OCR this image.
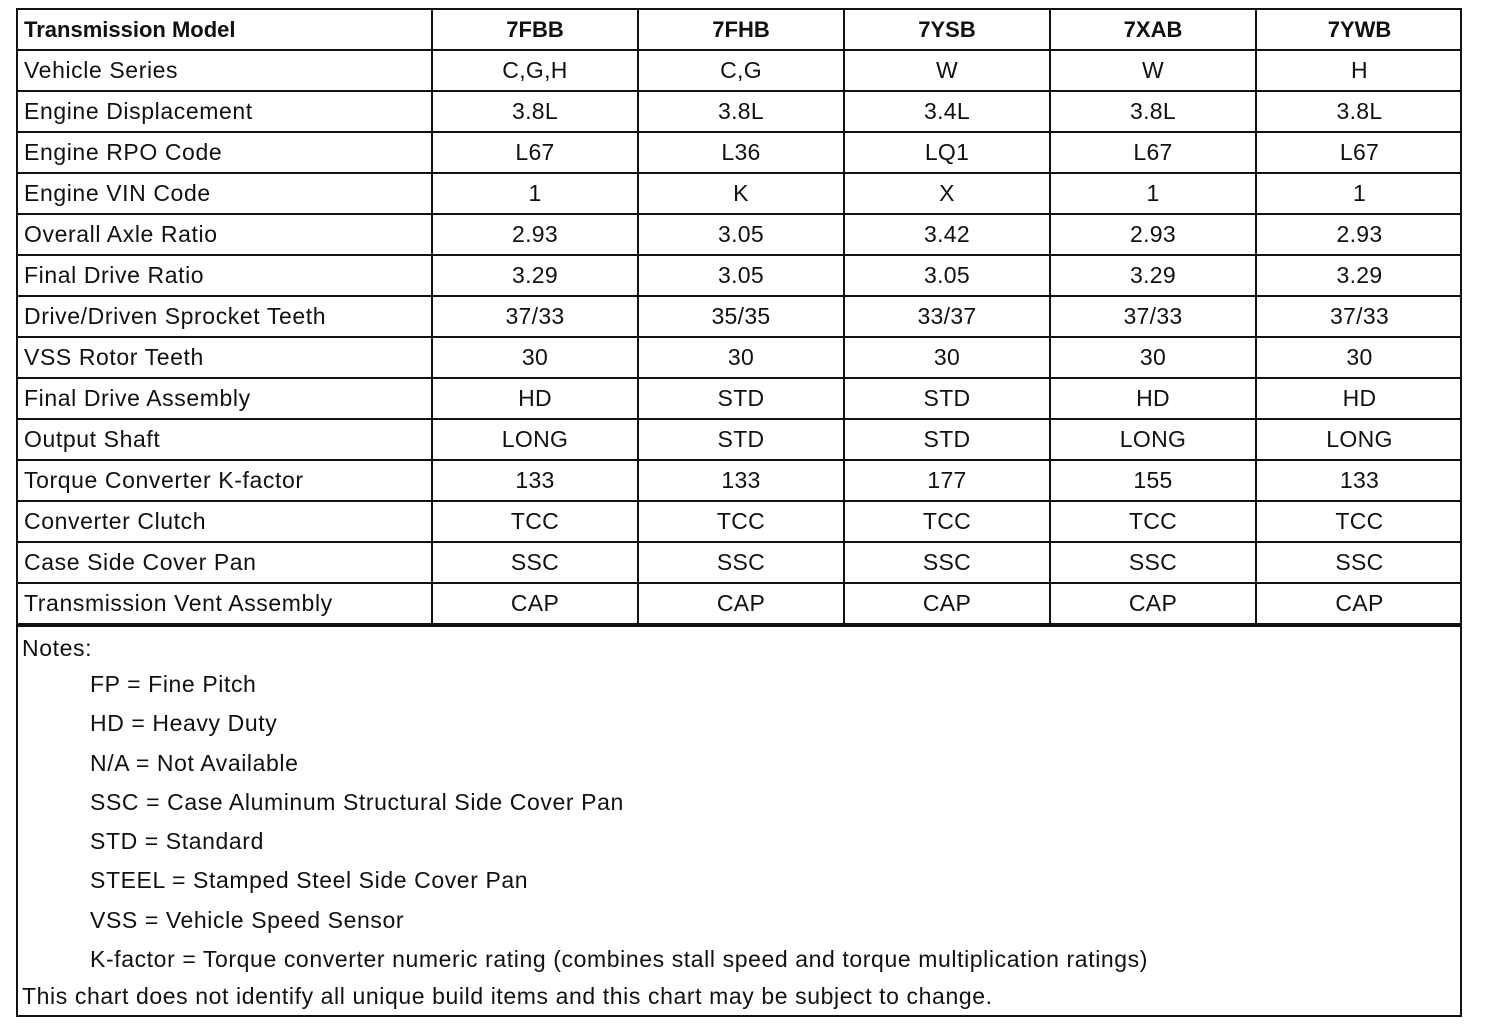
Transmission Model	7FBB	7FHB	7YSB	7XAB	7YWB
Vehicle Series	C,G,H	C,G	W	W	H
Engine Displacement	3.8L	3.8L	3.4L	3.8L	3.8L
Engine RPO Code	L67	L36	LQ1	L67	L67
Engine VIN Code	1	K	X	1	1
Overall Axle Ratio	2.93	3.05	3.42	2.93	2.93
Final Drive Ratio	3.29	3.05	3.05	3.29	3.29
Drive/Driven Sprocket Teeth	37/33	35/35	33/37	37/33	37/33
VSS Rotor Teeth	30	30	30	30	30
Final Drive Assembly	HD	STD	STD	HD	HD
Output Shaft	LONG	STD	STD	LONG	LONG
Torque Converter K-factor	133	133	177	155	133
Converter Clutch	TCC	TCC	TCC	TCC	TCC
Case Side Cover Pan	SSC	SSC	SSC	SSC	SSC
Transmission Vent Assembly	CAP	CAP	CAP	CAP	CAP
Notes:
FP = Fine Pitch
HD = Heavy Duty
N/A = Not Available
SSC = Case Aluminum Structural Side Cover Pan
STD = Standard
STEEL = Stamped Steel Side Cover Pan
VSS = Vehicle Speed Sensor
K-factor = Torque converter numeric rating (combines stall speed and torque multiplication ratings)
This chart does not identify all unique build items and this chart may be subject to change.
